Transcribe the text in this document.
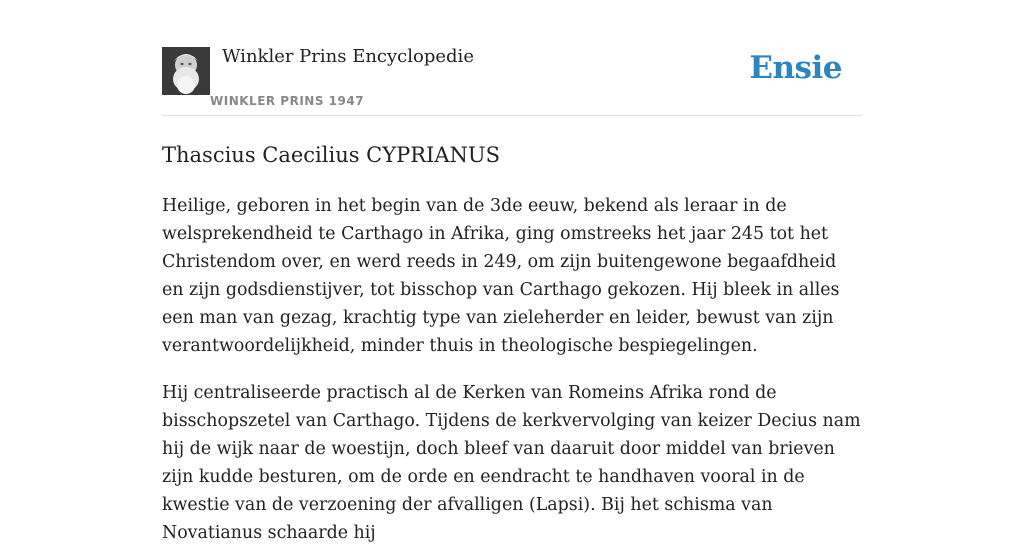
Winkler Prins Encyclopedie
WINKLER PRINS 1947
Ensie
Thascius Caecilius CYPRIANUS

Heilige, geboren in het begin van de 3de eeuw, bekend als leraar in de welsprekendheid te Carthago in Afrika, ging omstreeks het jaar 245 tot het Christendom over, en werd reeds in 249, om zijn buitengewone begaafdheid en zijn godsdienstijver, tot bisschop van Carthago gekozen. Hij bleek in alles een man van gezag, krachtig type van zieleherder en leider, bewust van zijn verantwoordelijkheid, minder thuis in theologische bespiegelingen.

Hij centraliseerde practisch al de Kerken van Romeins Afrika rond de bisschopszetel van Carthago. Tijdens de kerkvervolging van keizer Decius nam hij de wijk naar de woestijn, doch bleef van daaruit door middel van brieven zijn kudde besturen, om de orde en eendracht te handhaven vooral in de kwestie van de verzoening der afvalligen (Lapsi). Bij het schisma van Novatianus schaarde hij
